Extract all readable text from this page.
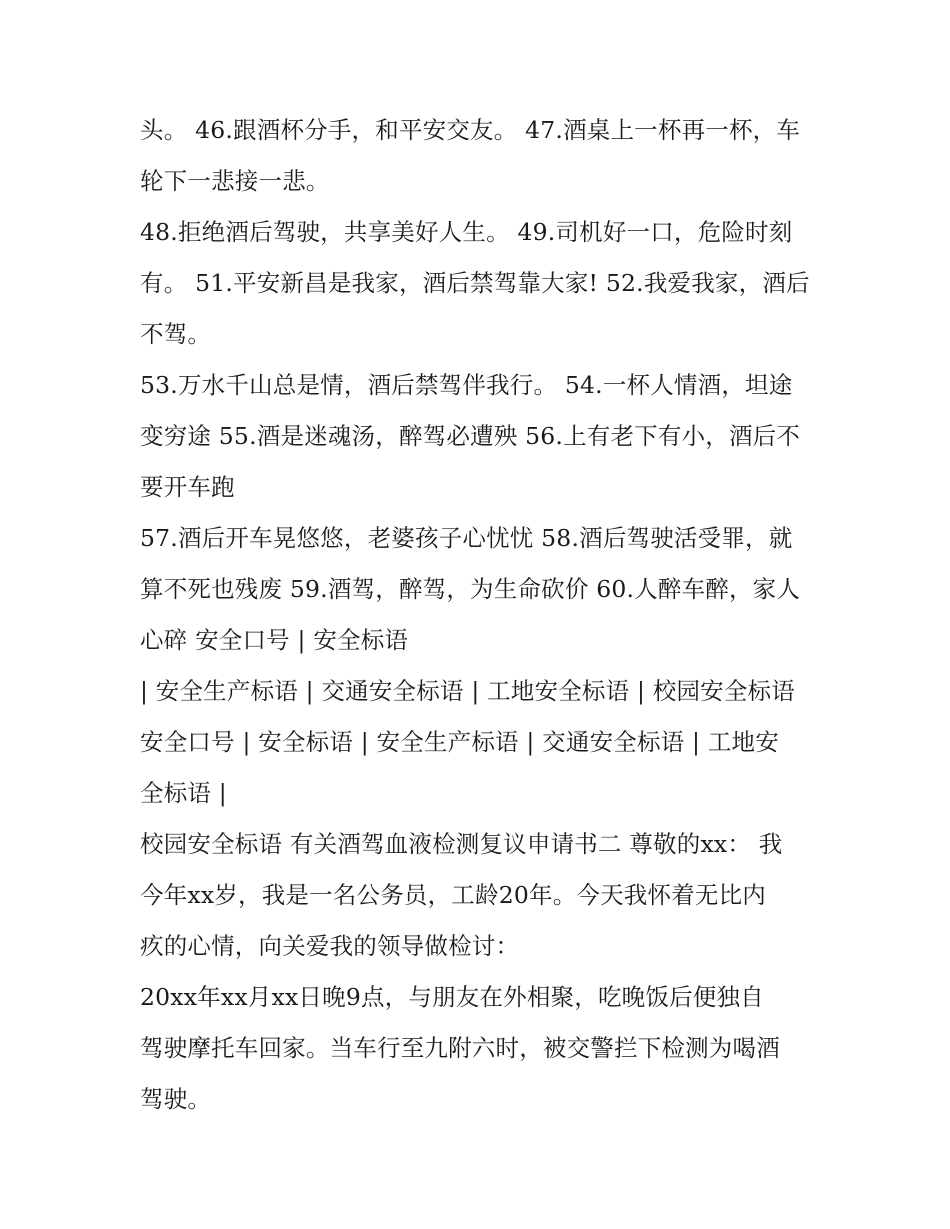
头。 46.跟酒杯分手，和平安交友。 47.酒桌上一杯再一杯，车
轮下一悲接一悲。
48.拒绝酒后驾驶，共享美好人生。 49.司机好一口，危险时刻
有。 51.平安新昌是我家，酒后禁驾靠大家! 52.我爱我家，酒后
不驾。
53.万水千山总是情，酒后禁驾伴我行。 54.一杯人情酒，坦途
变穷途 55.酒是迷魂汤，醉驾必遭殃 56.上有老下有小，酒后不
要开车跑
57.酒后开车晃悠悠，老婆孩子心忧忧 58.酒后驾驶活受罪，就
算不死也残废 59.酒驾，醉驾，为生命砍价 60.人醉车醉，家人
心碎 安全口号 | 安全标语
| 安全生产标语 | 交通安全标语 | 工地安全标语 | 校园安全标语
安全口号 | 安全标语 | 安全生产标语 | 交通安全标语 | 工地安
全标语 |
校园安全标语 有关酒驾血液检测复议申请书二 尊敬的xx： 我
今年xx岁，我是一名公务员，工龄20年。今天我怀着无比内
疚的心情，向关爱我的领导做检讨：
20xx年xx月xx日晚9点，与朋友在外相聚，吃晚饭后便独自
驾驶摩托车回家。当车行至九附六时，被交警拦下检测为喝酒
驾驶。
